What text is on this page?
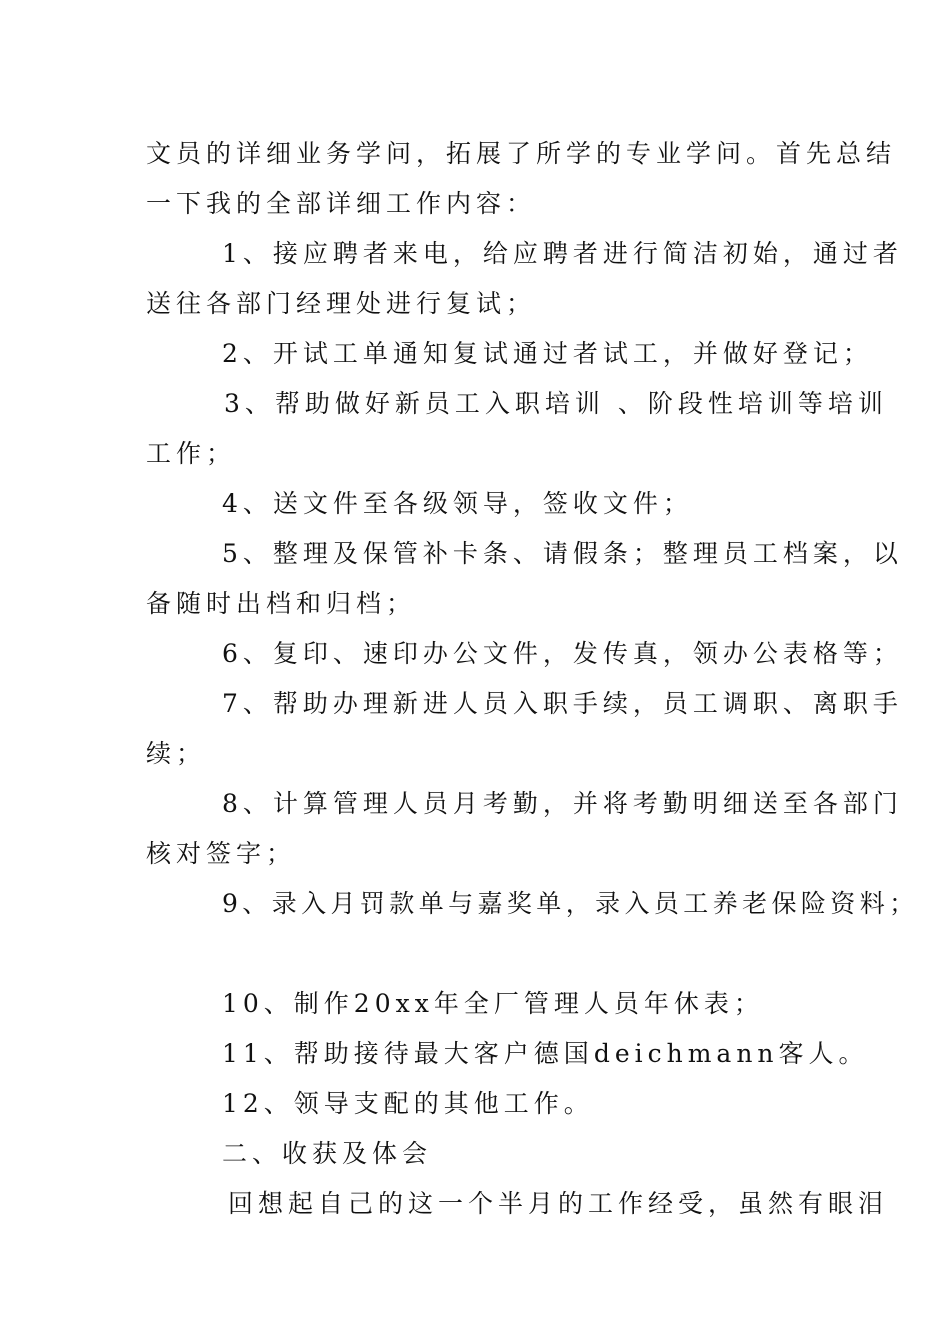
文员的详细业务学问，拓展了所学的专业学问。首先总结
一下我的全部详细工作内容：
1、接应聘者来电，给应聘者进行简洁初始，通过者
送往各部门经理处进行复试；
2、开试工单通知复试通过者试工，并做好登记；
3、帮助做好新员工入职培训 、阶段性培训等培训
工作；
4、送文件至各级领导，签收文件；
5、整理及保管补卡条、请假条；整理员工档案，以
备随时出档和归档；
6、复印、速印办公文件，发传真，领办公表格等；
7、帮助办理新进人员入职手续，员工调职、离职手
续；
8、计算管理人员月考勤，并将考勤明细送至各部门
核对签字；
9、录入月罚款单与嘉奖单，录入员工养老保险资料；
10、制作20xx年全厂管理人员年休表；
11、帮助接待最大客户德国deichmann客人。
12、领导支配的其他工作。
二、收获及体会
回想起自己的这一个半月的工作经受，虽然有眼泪
